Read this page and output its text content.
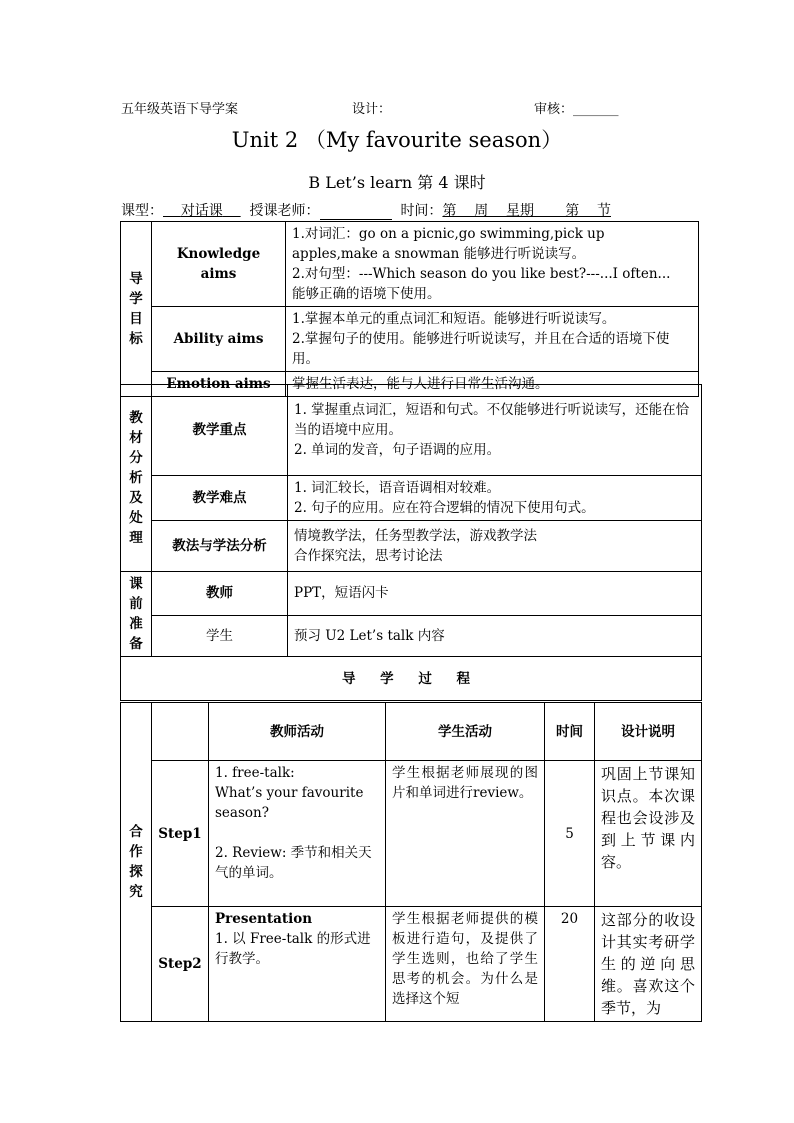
五年级英语下导学案	设计：	审核：_______
Unit 2 （My favourite season）
B Let’s learn 第 4 课时
课型： 对话课 授课老师：	时间：第    周    星期       第    节
导学目标	Knowledge aims	1.对词汇：go on a picnic,go swimming,pick up apples,make a snowman 能够进行听说读写。
2.对句型：---Which season do you like best?---...I often...
能够正确的语境下使用。

	Ability aims	1.掌握本单元的重点词汇和短语。能够进行听说读写。
2.掌握句子的使用。能够进行听说读写，并且在合适的语境下使用。

	Emotion aims	掌握生活表达，能与人进行日常生活沟通。
教材分析及处理	教学重点	1. 掌握重点词汇，短语和句式。不仅能够进行听说读写，还能在恰当的语境中应用。
2. 单词的发音，句子语调的应用。

	教学难点	1. 词汇较长，语音语调相对较难。
2. 句子的应用。应在符合逻辑的情况下使用句式。

	教法与学法分析	情境教学法，任务型教学法，游戏教学法
合作探究法，思考讨论法

课前准备	教师	PPT，短语闪卡
	学生	预习 U2 Let’s talk 内容
导 学 过 程		
合作探究		教师活动	学生活动	时间	设计说明
	Step1	1. free-talk:
What’s your favourite season?
2. Review: 季节和相关天气的单词。	学生根据老师展现的图片和单词进行review。	5	巩固上节课知识点。本次课程也会设涉及到上节课内容。
	Step2	Presentation
1. 以 Free-talk 的形式进行教学。	学生根据老师提供的模板进行造句，及提供了学生选则，也给了学生思考的机会。为什么是选择这个短	20	这部分的收设计其实考研学生的逆向思维。喜欢这个季节，为
